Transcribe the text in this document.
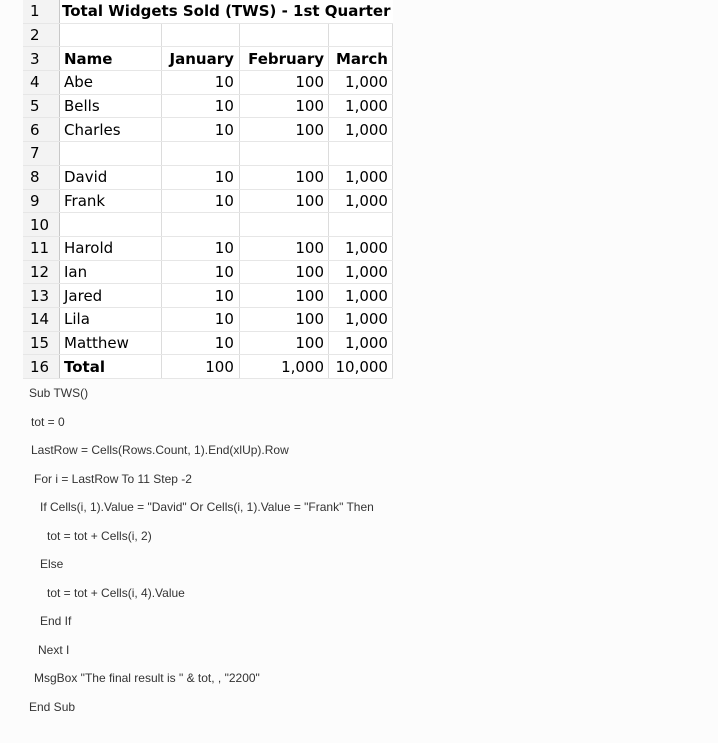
1	Total Widgets Sold (TWS) - 1st Quarter			
2				
3	Name	January	February	March
4	Abe	10	100	1,000
5	Bells	10	100	1,000
6	Charles	10	100	1,000
7				
8	David	10	100	1,000
9	Frank	10	100	1,000
10				
11	Harold	10	100	1,000
12	Ian	10	100	1,000
13	Jared	10	100	1,000
14	Lila	10	100	1,000
15	Matthew	10	100	1,000
16	Total	100	1,000	10,000
Sub TWS()
tot = 0
LastRow = Cells(Rows.Count, 1).End(xlUp).Row
For i = LastRow To 11 Step -2
If Cells(i, 1).Value = "David" Or Cells(i, 1).Value = "Frank" Then
tot = tot + Cells(i, 2)
Else
tot = tot + Cells(i, 4).Value
End If
Next I
MsgBox "The final result is " & tot, , "2200"
End Sub
